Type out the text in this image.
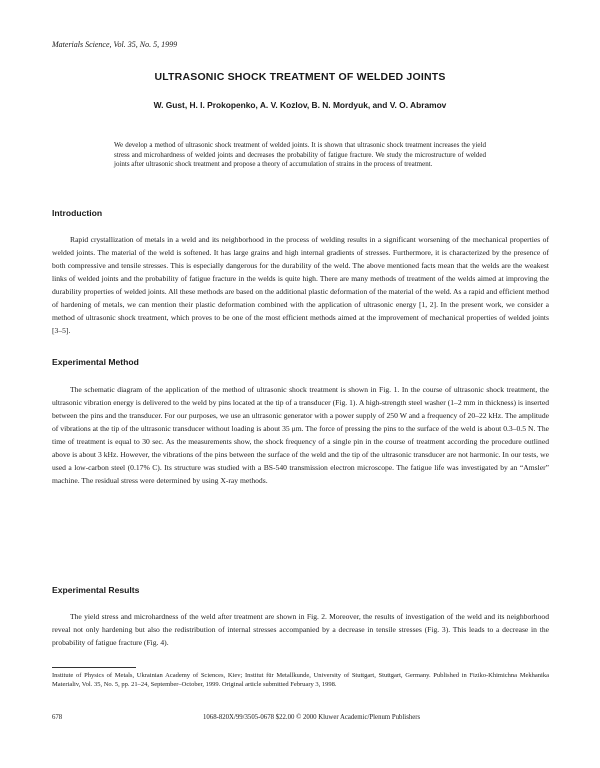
Materials Science, Vol. 35, No. 5, 1999
ULTRASONIC SHOCK TREATMENT OF WELDED JOINTS
W. Gust, H. I. Prokopenko, A. V. Kozlov, B. N. Mordyuk, and V. O. Abramov
We develop a method of ultrasonic shock treatment of welded joints. It is shown that ultrasonic shock treatment increases the yield stress and microhardness of welded joints and decreases the probability of fatigue fracture. We study the microstructure of welded joints after ultrasonic shock treatment and propose a theory of accumulation of strains in the process of treatment.
Introduction

Rapid crystallization of metals in a weld and its neighborhood in the process of welding results in a significant worsening of the mechanical properties of welded joints. The material of the weld is softened. It has large grains and high internal gradients of stresses. Furthermore, it is characterized by the presence of both compressive and tensile stresses. This is especially dangerous for the durability of the weld. The above mentioned facts mean that the welds are the weakest links of welded joints and the probability of fatigue fracture in the welds is quite high. There are many methods of treatment of the welds aimed at improving the durability properties of welded joints. All these methods are based on the additional plastic deformation of the material of the weld. As a rapid and efficient method of hardening of metals, we can mention their plastic deformation combined with the application of ultrasonic energy [1, 2]. In the present work, we consider a method of ultrasonic shock treatment, which proves to be one of the most efficient methods aimed at the improvement of mechanical properties of welded joints [3–5].

Experimental Method

The schematic diagram of the application of the method of ultrasonic shock treatment is shown in Fig. 1. In the course of ultrasonic shock treatment, the ultrasonic vibration energy is delivered to the weld by pins located at the tip of a transducer (Fig. 1). A high-strength steel washer (1–2 mm in thickness) is inserted between the pins and the transducer. For our purposes, we use an ultrasonic generator with a power supply of 250 W and a frequency of 20–22 kHz. The amplitude of vibrations at the tip of the ultrasonic transducer without loading is about 35 μm. The force of pressing the pins to the surface of the weld is about 0.3–0.5 N. The time of treatment is equal to 30 sec. As the measurements show, the shock frequency of a single pin in the course of treatment according the procedure outlined above is about 3 kHz. However, the vibrations of the pins between the surface of the weld and the tip of the ultrasonic transducer are not harmonic. In our tests, we used a low-carbon steel (0.17% C). Its structure was studied with a BS-540 transmission electron microscope. The fatigue life was investigated by an “Amsler” machine. The residual stress were determined by using X-ray methods.

Experimental Results

The yield stress and microhardness of the weld after treatment are shown in Fig. 2. Moreover, the results of investigation of the weld and its neighborhood reveal not only hardening but also the redistribution of internal stresses accompanied by a decrease in tensile stresses (Fig. 3). This leads to a decrease in the probability of fatigue fracture (Fig. 4).

Institute of Physics of Metals, Ukrainian Academy of Sciences, Kiev; Institut für Metallkunde, University of Stuttgart, Stuttgart, Germany. Published in Fiziko-Khimichna Mekhanika Materialiv, Vol. 35, No. 5, pp. 21–24, September–October, 1999. Original article submitted February 3, 1998.
678	1068-820X/99/3505-0678 $22.00 © 2000 Kluwer Academic/Plenum Publishers
